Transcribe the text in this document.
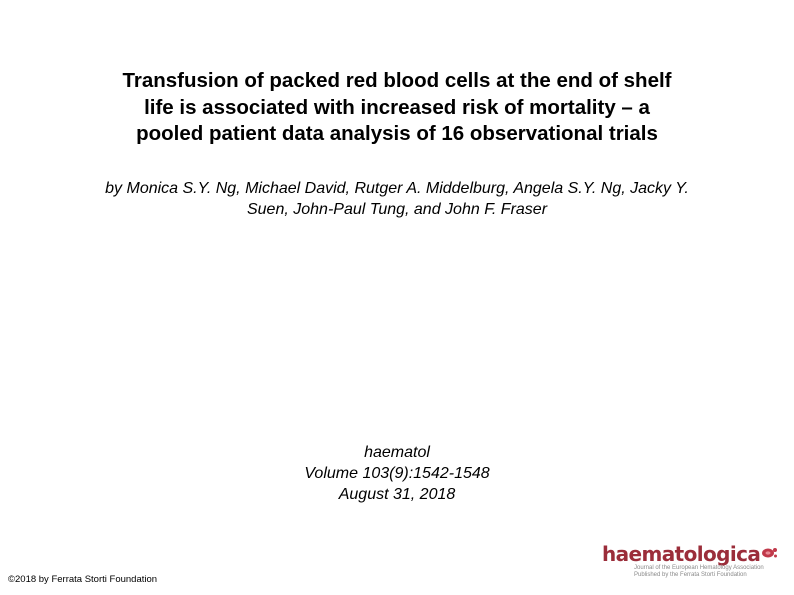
Transfusion of packed red blood cells at the end of shelf
life is associated with increased risk of mortality – a
pooled patient data analysis of 16 observational trials

by Monica S.Y. Ng, Michael David, Rutger A. Middelburg, Angela S.Y. Ng, Jacky Y.
Suen, John-Paul Tung, and John F. Fraser

haematol
Volume 103(9):1542-1548
August 31, 2018
©2018 by Ferrata Storti Foundation
haematologica
Journal of the European Hematology Association
Published by the Ferrata Storti Foundation
